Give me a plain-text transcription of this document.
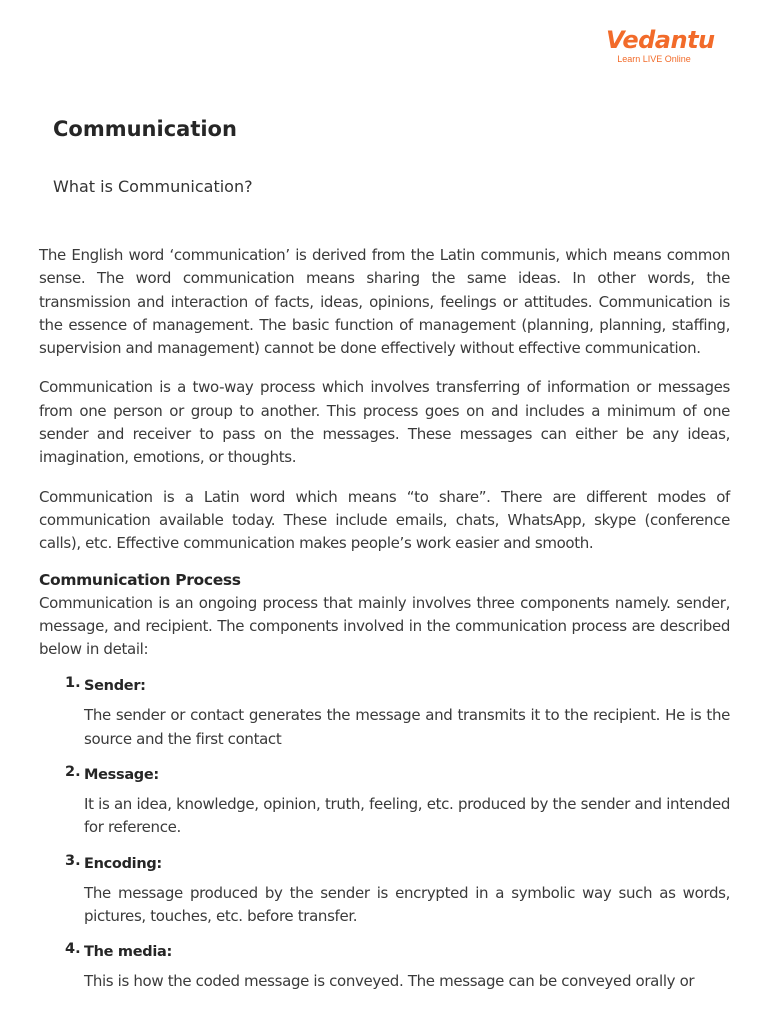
Vedantu
Learn LIVE Online
Communication
What is Communication?

The English word ‘communication’ is derived from the Latin communis, which means common sense. The word communication means sharing the same ideas. In other words, the transmission and interaction of facts, ideas, opinions, feelings or attitudes. Communication is the essence of management. The basic function of management (planning, planning, staffing, supervision and management) cannot be done effectively without effective communication.

Communication is a two-way process which involves transferring of information or messages from one person or group to another. This process goes on and includes a minimum of one sender and receiver to pass on the messages. These messages can either be any ideas, imagination, emotions, or thoughts.

Communication is a Latin word which means “to share”. There are different modes of communication available today. These include emails, chats, WhatsApp, skype (conference calls), etc. Effective communication makes people’s work easier and smooth.

Communication Process

Communication is an ongoing process that mainly involves three components namely. sender, message, and recipient. The components involved in the communication process are described below in detail:

1. Sender:
The sender or contact generates the message and transmits it to the recipient. He is the source and the first contact
2. Message:
It is an idea, knowledge, opinion, truth, feeling, etc. produced by the sender and intended for reference.
3. Encoding:
The message produced by the sender is encrypted in a symbolic way such as words, pictures, touches, etc. before transfer.
4. The media:
This is how the coded message is conveyed. The message can be conveyed orally or
